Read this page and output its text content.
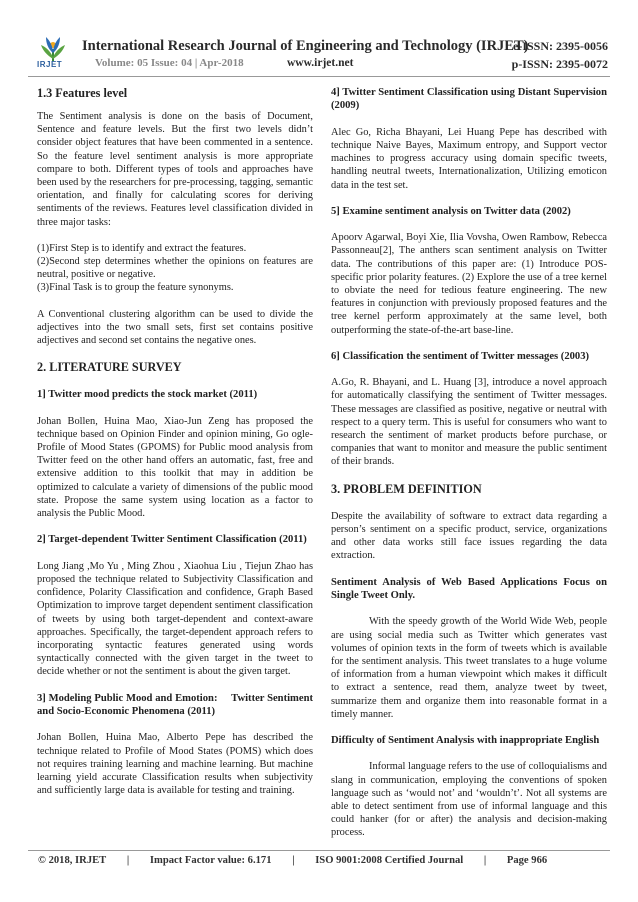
IRJET
International Research Journal of Engineering and Technology (IRJET)
e-ISSN: 2395-0056
Volume: 05 Issue: 04 | Apr-2018	www.irjet.net	p-ISSN: 2395-0072
1.3 Features level

The Sentiment analysis is done on the basis of Document, Sentence and feature levels. But the first two levels didn’t consider object features that have been commented in a sentence. So the feature level sentiment analysis is more appropriate compare to both. Different types of tools and approaches have been used by the researchers for pre-processing, tagging, semantic orientation, and finally for calculating scores for deriving sentiments of the reviews. Features level classification divided in three major tasks:

(1)First Step is to identify and extract the features.

(2)Second step determines whether the opinions on features are neutral, positive or negative.

(3)Final Task is to group the feature synonyms.

A Conventional clustering algorithm can be used to divide the adjectives into the two small sets, first set contains positive adjectives and second set contains the negative ones.

2. LITERATURE SURVEY
1] Twitter mood predicts the stock market (2011)

Johan Bollen, Huina Mao, Xiao-Jun Zeng has proposed the technique based on Opinion Finder and opinion mining, Go ogle-Profile of Mood States (GPOMS) for Public mood analysis from Twitter feed on the other hand offers an automatic, fast, free and extensive addition to this toolkit that may in addition be optimized to calculate a variety of dimensions of the public mood state. Propose the same system using location as a factor to analysis the Public Mood.

2] Target-dependent Twitter Sentiment Classification (2011)

Long Jiang ,Mo Yu , Ming Zhou , Xiaohua Liu , Tiejun Zhao has proposed the technique related to Subjectivity Classification and confidence, Polarity Classification and confidence, Graph Based Optimization to improve target dependent sentiment classification of tweets by using both target-dependent and context-aware approaches. Specifically, the target-dependent approach refers to incorporating syntactic features generated using words syntactically connected with the given target in the tweet to decide whether or not the sentiment is about the given target.

3] Modeling Public Mood and Emotion:     Twitter Sentiment and Socio-Economic Phenomena (2011)

Johan Bollen, Huina Mao, Alberto Pepe has described the technique related to Profile of Mood States (POMS) which does not requires training learning and machine learning. But machine learning yield accurate Classification results when subjectivity and sufficiently large data is available for testing and training.

4] Twitter Sentiment Classification using Distant Supervision (2009)

Alec Go, Richa Bhayani, Lei Huang Pepe has described with technique Naive Bayes, Maximum entropy, and Support vector machines to progress accuracy using domain specific tweets, handling neutral tweets, Internationalization, Utilizing emoticon data in the test set.

5] Examine sentiment analysis on Twitter data (2002)

Apoorv Agarwal, Boyi Xie, Ilia Vovsha, Owen Rambow, Rebecca Passonneau[2], The anthers scan sentiment analysis on Twitter data. The contributions of this paper are: (1) Introduce POS-specific prior polarity features. (2) Explore the use of a tree kernel to obviate the need for tedious feature engineering. The new features in conjunction with previously proposed features and the tree kernel perform approximately at the same level, both outperforming the state-of-the-art base-line.

6] Classification the sentiment of Twitter messages (2003)

A.Go, R. Bhayani, and L. Huang [3], introduce a novel approach for automatically classifying the sentiment of Twitter messages. These messages are classified as positive, negative or neutral with respect to a query term. This is useful for consumers who want to research the sentiment of market products before purchase, or companies that want to monitor and measure the public sentiment of their brands.

3. PROBLEM DEFINITION

Despite the availability of software to extract data regarding a person’s sentiment on a specific product, service, organizations and other data works still face issues regarding the data extraction.

Sentiment Analysis of Web Based Applications Focus on Single Tweet Only.

With the speedy growth of the World Wide Web, people are using social media such as Twitter which generates vast volumes of opinion texts in the form of tweets which is available for the sentiment analysis. This tweet translates to a huge volume of information from a human viewpoint which makes it difficult to extract a sentence, read them, analyze tweet by tweet, summarize them and organize them into reasonable format in a timely manner.

Difficulty of Sentiment Analysis with inappropriate English

Informal language refers to the use of colloquialisms and slang in communication, employing the conventions of spoken language such as ‘would not’ and ‘wouldn’t’. Not all systems are able to detect sentiment from use of informal language and this could hanker (for or after) the analysis and decision-making process.

© 2018, IRJET | Impact Factor value: 6.171 | ISO 9001:2008 Certified Journal | Page 966
